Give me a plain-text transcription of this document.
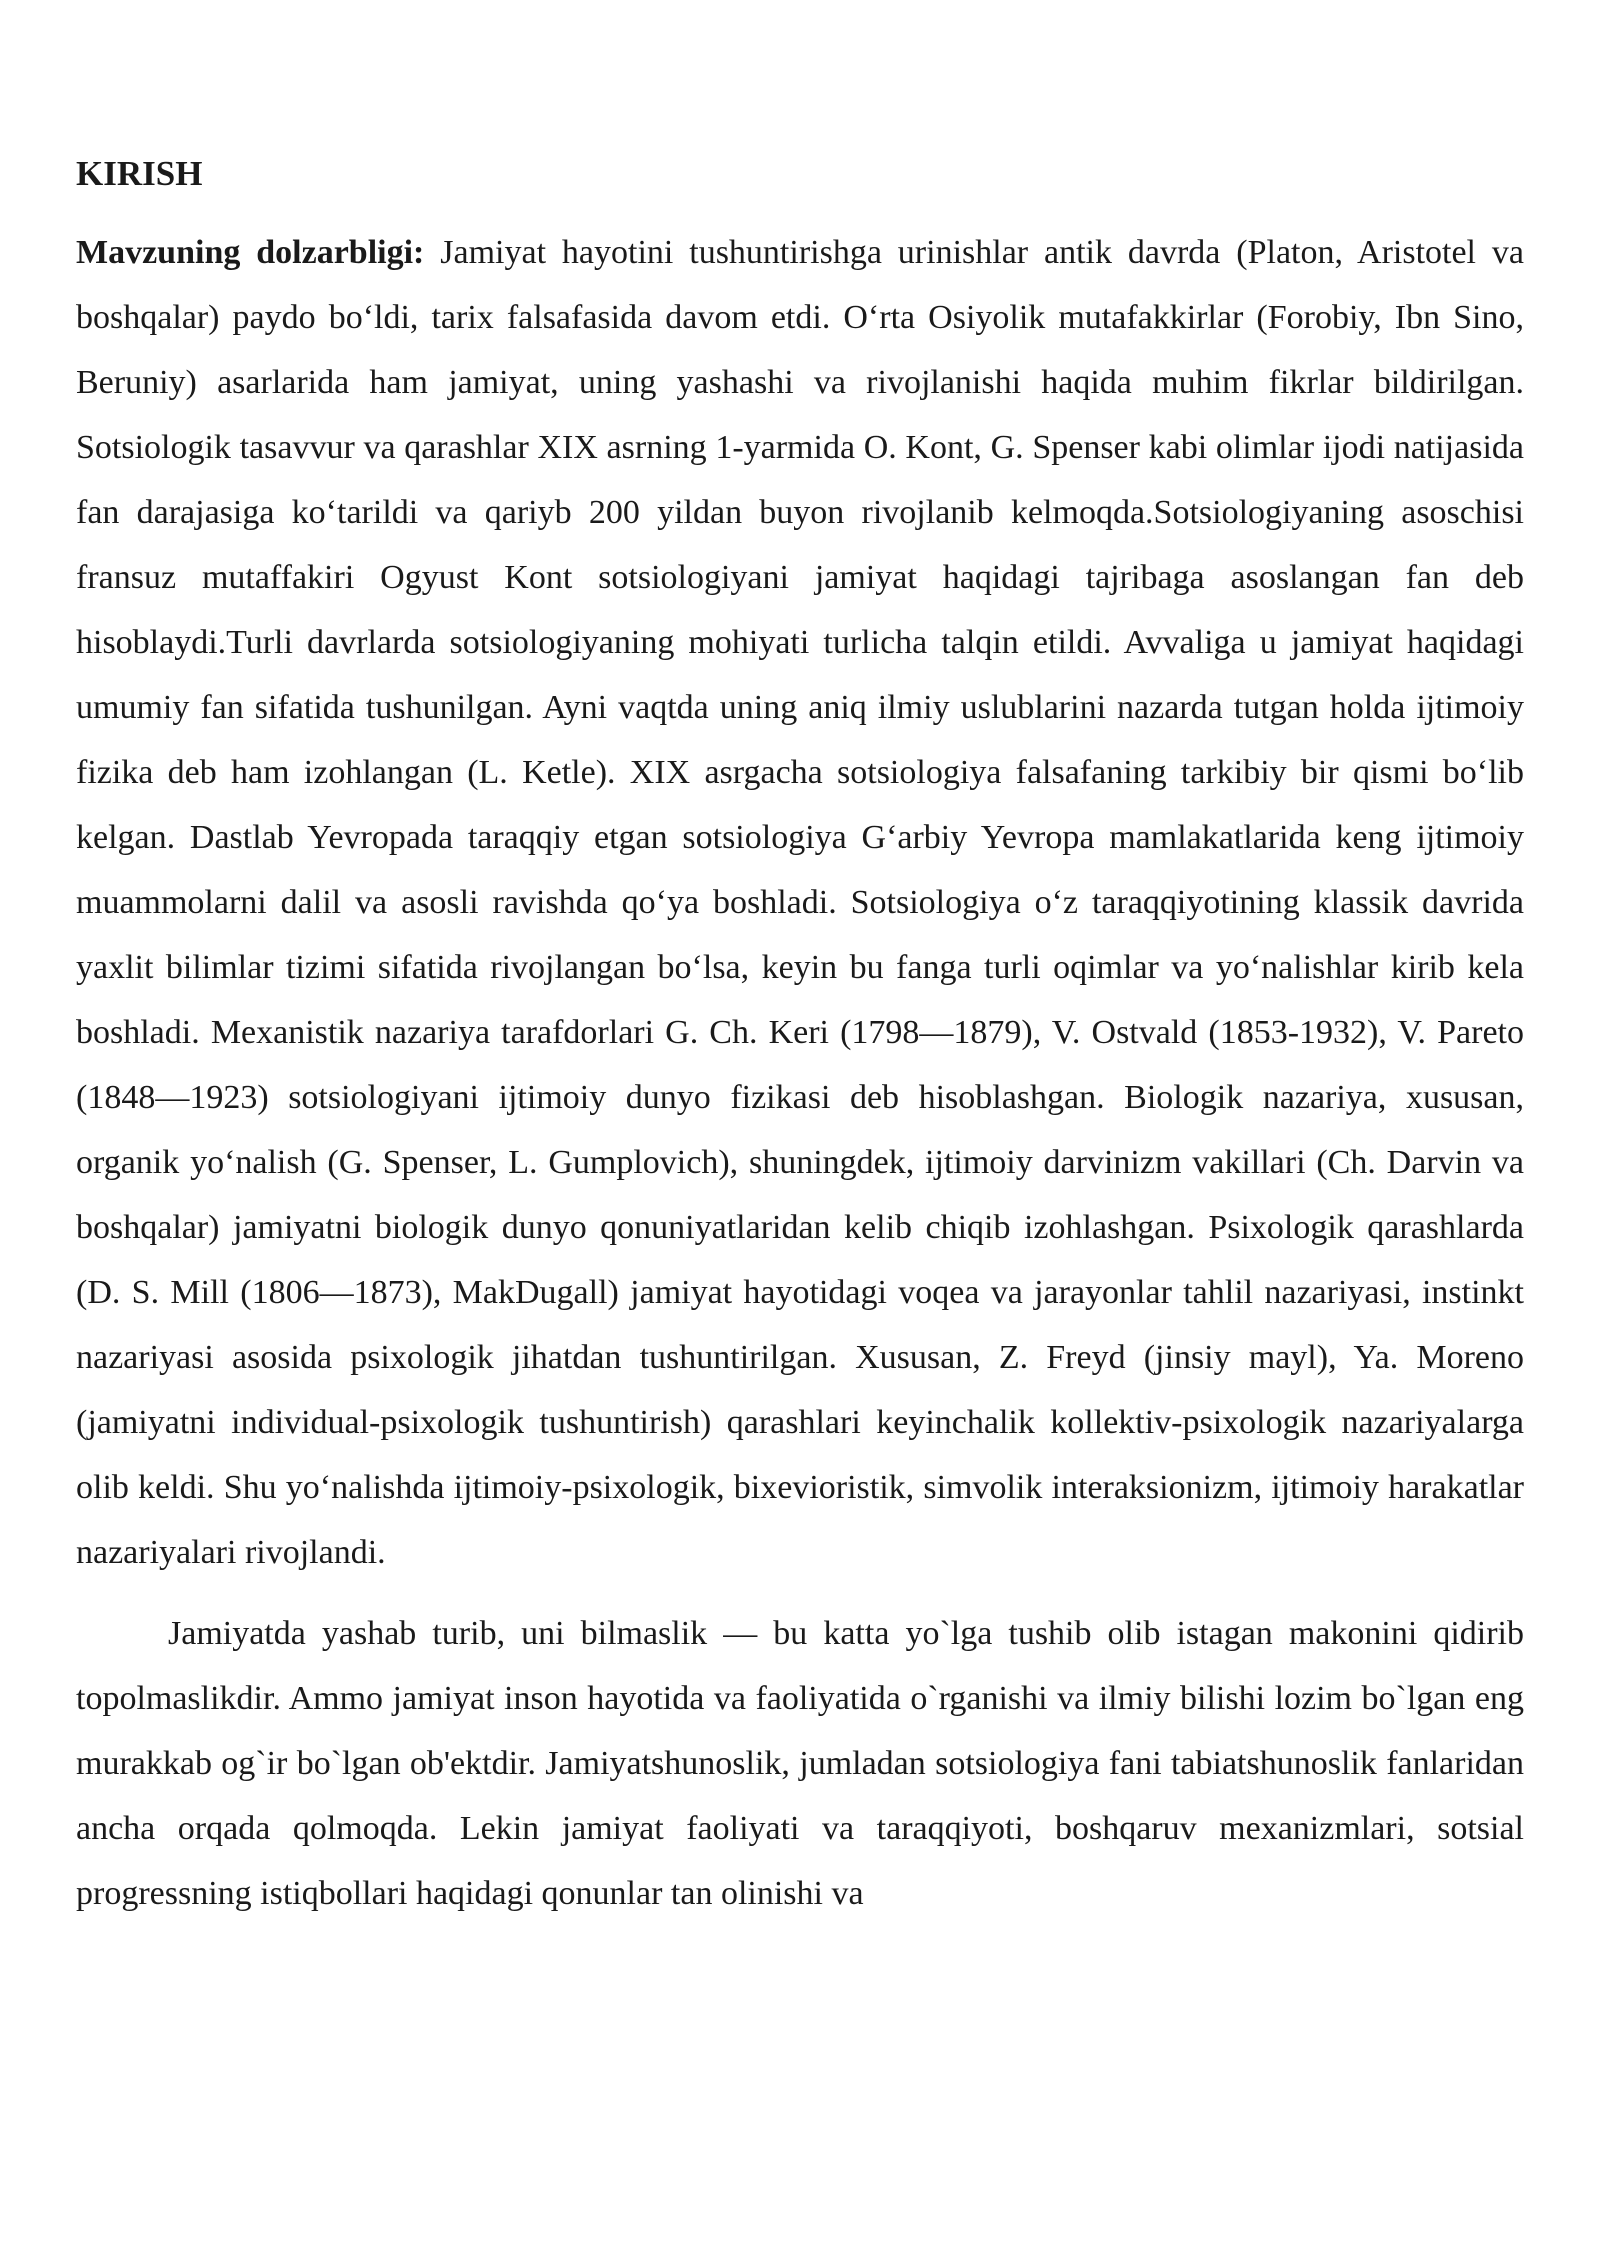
KIRISH

Mavzuning dolzarbligi: Jamiyat hayotini tushuntirishga urinishlar antik davrda (Platon, Aristotel va boshqalar) paydo bo‘ldi, tarix falsafasida davom etdi. O‘rta Osiyolik mutafakkirlar (Forobiy, Ibn Sino, Beruniy) asarlarida ham jamiyat, uning yashashi va rivojlanishi haqida muhim fikrlar bildirilgan. Sotsiologik tasavvur va qarashlar XIX asrning 1-yarmida O. Kont, G. Spenser kabi olimlar ijodi natijasida fan darajasiga ko‘tarildi va qariyb 200 yildan buyon rivojlanib kelmoqda.Sotsiologiyaning asoschisi fransuz mutaffakiri Ogyust Kont sotsiologiyani jamiyat haqidagi tajribaga asoslangan fan deb hisoblaydi.Turli davrlarda sotsiologiyaning mohiyati turlicha talqin etildi. Avvaliga u jamiyat haqidagi umumiy fan sifatida tushunilgan. Ayni vaqtda uning aniq ilmiy uslublarini nazarda tutgan holda ijtimoiy fizika deb ham izohlangan (L. Ketle). XIX asrgacha sotsiologiya falsafaning tarkibiy bir qismi bo‘lib kelgan. Dastlab Yevropada taraqqiy etgan sotsiologiya G‘arbiy Yevropa mamlakatlarida keng ijtimoiy muammolarni dalil va asosli ravishda qo‘ya boshladi. Sotsiologiya o‘z taraqqiyotining klassik davrida yaxlit bilimlar tizimi sifatida rivojlangan bo‘lsa, keyin bu fanga turli oqimlar va yo‘nalishlar kirib kela boshladi. Mexanistik nazariya tarafdorlari G. Ch. Keri (1798—1879), V. Ostvald (1853-1932), V. Pareto (1848—1923) sotsiologiyani ijtimoiy dunyo fizikasi deb hisoblashgan. Biologik nazariya, xususan, organik yo‘nalish (G. Spenser, L. Gumplovich), shuningdek, ijtimoiy darvinizm vakillari (Ch. Darvin va boshqalar) jamiyatni biologik dunyo qonuniyatlaridan kelib chiqib izohlashgan. Psixologik qarashlarda (D. S. Mill (1806—1873), MakDugall) jamiyat hayotidagi voqea va jarayonlar tahlil nazariyasi, instinkt nazariyasi asosida psixologik jihatdan tushuntirilgan. Xususan, Z. Freyd (jinsiy mayl), Ya. Moreno (jamiyatni individual-psixologik tushuntirish) qarashlari keyinchalik kollektiv-psixologik nazariyalarga olib keldi. Shu yo‘nalishda ijtimoiy-psixologik, bixevioristik, simvolik interaksionizm, ijtimoiy harakatlar nazariyalari rivojlandi.

Jamiyatda yashab turib, uni bilmaslik — bu katta yo`lga tushib olib istagan makonini qidirib topolmaslikdir. Ammo jamiyat inson hayotida va faoliyatida o`rganishi va ilmiy bilishi lozim bo`lgan eng murakkab og`ir bo`lgan ob'ektdir. Jamiyatshunoslik, jumladan sotsiologiya fani tabiatshunoslik fanlaridan ancha orqada qolmoqda. Lekin jamiyat faoliyati va taraqqiyoti, boshqaruv mexanizmlari, sotsial progressning istiqbollari haqidagi qonunlar tan olinishi va
